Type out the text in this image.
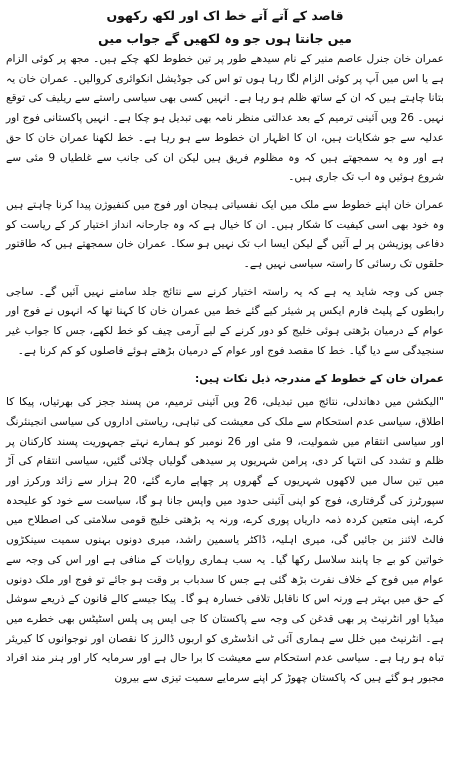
قاصد کے آتے آتے خط اک اور لکھ رکھوں

میں جانتا ہوں جو وہ لکھیں گے جواب میں

عمران خان جنرل عاصم منیر کے نام سیدھے طور پر تین خطوط لکھ چکے ہیں۔ مجھ پر کوئی الزام ہے یا اس میں آپ پر کوئی الزام لگا رہا ہوں تو اس کی جوڈیشل انکوائری کروالیں۔ عمران خان یہ بتانا چاہتے ہیں کہ ان کے ساتھ ظلم ہو رہا ہے۔ انہیں کسی بھی سیاسی راستے سے ریلیف کی توقع نہیں۔ 26 ویں آئینی ترمیم کے بعد عدالتی منظر نامہ بھی تبدیل ہو چکا ہے۔ انہیں پاکستانی فوج اور عدلیہ سے جو شکایات ہیں، ان کا اظہار ان خطوط سے ہو رہا ہے۔ خط لکھنا عمران خان کا حق ہے اور وہ یہ سمجھتے ہیں کہ وہ مظلوم فریق ہیں لیکن ان کی جانب سے غلطیاں 9 مئی سے شروع ہوئیں وہ اب تک جاری ہیں۔

عمران خان اپنے خطوط سے ملک میں ایک نفسیاتی ہیجان اور فوج میں کنفیوژن پیدا کرنا چاہتے ہیں وہ خود بھی اسی کیفیت کا شکار ہیں۔ ان کا خیال ہے کہ وہ جارحانہ انداز اختیار کر کے ریاست کو دفاعی پوزیشن پر لے آئیں گے لیکن ایسا اب تک نہیں ہو سکا۔ عمران خان سمجھتے ہیں کہ طاقتور حلقوں تک رسائی کا راستہ سیاسی نہیں ہے۔

جس کی وجہ شاید یہ ہے کہ یہ راستہ اختیار کرنے سے نتائج جلد سامنے نہیں آئیں گے۔ ساجی رابطوں کے پلیٹ فارم ایکس پر شیئر کیے گئے خط میں عمران خان کا کہنا تھا کہ انہوں نے فوج اور عوام کے درمیان بڑھتی ہوئی خلیج کو دور کرنے کے لیے آرمی چیف کو خط لکھے، جس کا جواب غیر سنجیدگی سے دیا گیا۔ خط کا مقصد فوج اور عوام کے درمیان بڑھتے ہوئے فاصلوں کو کم کرنا ہے۔

عمران خان کے خطوط کے مندرجہ ذیل نکات ہیں:

"الیکشن میں دھاندلی، نتائج میں تبدیلی، 26 ویں آئینی ترمیم، من پسند ججز کی بھرتیاں، پیکا کا اطلاق، سیاسی عدم استحکام سے ملک کی معیشت کی تباہی، ریاستی اداروں کی سیاسی انجینئرنگ اور سیاسی انتقام میں شمولیت، 9 مئی اور 26 نومبر کو ہمارے نہتے جمہوریت پسند کارکنان پر ظلم و تشدد کی انتہا کر دی، پرامن شہریوں پر سیدھی گولیاں چلائی گئیں، سیاسی انتقام کی آڑ میں تین سال میں لاکھوں شہریوں کے گھروں پر چھاپے مارے گئے، 20 ہزار سے زائد ورکرز اور سپورٹرز کی گرفتاری، فوج کو اپنی آئینی حدود میں واپس جانا ہو گا، سیاست سے خود کو علیحدہ کرے، اپنی متعین کردہ ذمہ داریاں پوری کرے، ورنہ یہ بڑھتی خلیج قومی سلامتی کی اصطلاح میں فالٹ لائنز بن جائیں گی، میری اہلیہ، ڈاکٹر یاسمین راشد، میری دونوں بہنوں سمیت سینکڑوں خواتین کو بے جا پابند سلاسل رکھا گیا۔ یہ سب ہماری روایات کے منافی ہے اور اس کی وجہ سے عوام میں فوج کے خلاف نفرت بڑھ گئی ہے جس کا سدباب بر وقت ہو جائے تو فوج اور ملک دونوں کے حق میں بہتر ہے ورنہ اس کا ناقابل تلافی خسارہ ہو گا۔ پیکا جیسے کالے قانون کے ذریعے سوشل میڈیا اور انٹرنیٹ پر بھی قدغن کی وجہ سے پاکستان کا جی ایس پی پلس اسٹیٹس بھی خطرے میں ہے۔ انٹرنیٹ میں خلل سے ہماری آئی ٹی انڈسٹری کو اربوں ڈالرز کا نقصان اور نوجوانوں کا کیریئر تباہ ہو رہا ہے۔ سیاسی عدم استحکام سے معیشت کا برا حال ہے اور سرمایہ کار اور ہنر مند افراد مجبور ہو گئے ہیں کہ پاکستان چھوڑ کر اپنے سرمایے سمیت تیزی سے بیرون
